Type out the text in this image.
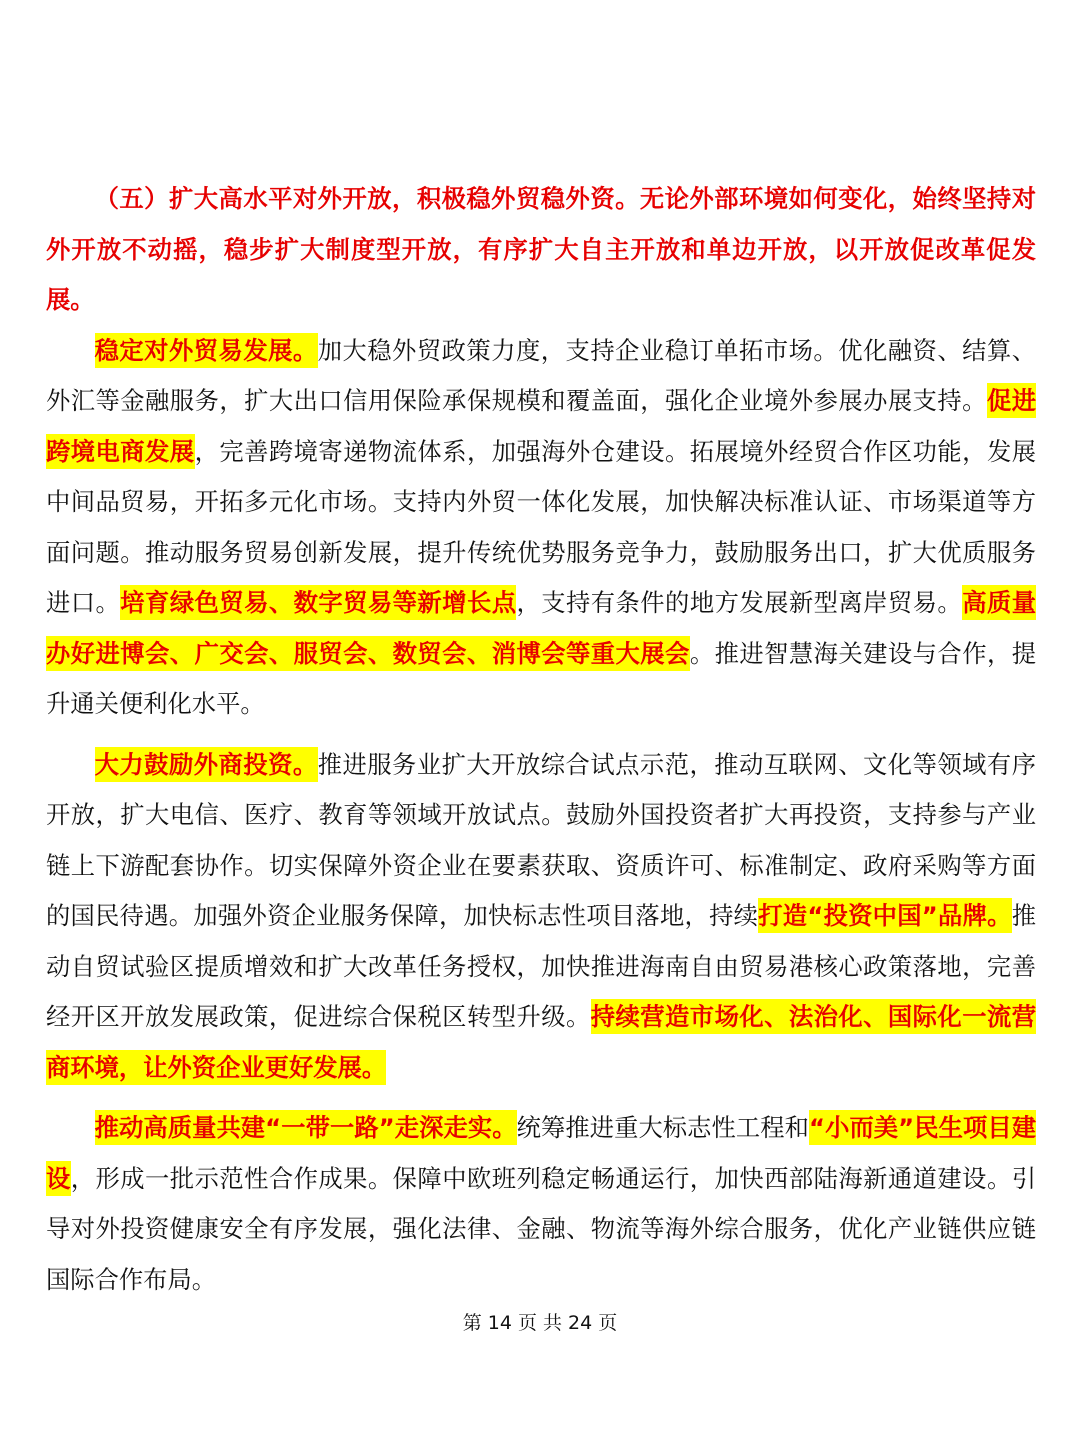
（五）扩大高水平对外开放，积极稳外贸稳外资。无论外部环境如何变化，始终坚持对外开放不动摇，稳步扩大制度型开放，有序扩大自主开放和单边开放，以开放促改革促发展。

稳定对外贸易发展。加大稳外贸政策力度，支持企业稳订单拓市场。优化融资、结算、外汇等金融服务，扩大出口信用保险承保规模和覆盖面，强化企业境外参展办展支持。促进跨境电商发展，完善跨境寄递物流体系，加强海外仓建设。拓展境外经贸合作区功能，发展中间品贸易，开拓多元化市场。支持内外贸一体化发展，加快解决标准认证、市场渠道等方面问题。推动服务贸易创新发展，提升传统优势服务竞争力，鼓励服务出口，扩大优质服务进口。培育绿色贸易、数字贸易等新增长点，支持有条件的地方发展新型离岸贸易。高质量办好进博会、广交会、服贸会、数贸会、消博会等重大展会。推进智慧海关建设与合作，提升通关便利化水平。

大力鼓励外商投资。推进服务业扩大开放综合试点示范，推动互联网、文化等领域有序开放，扩大电信、医疗、教育等领域开放试点。鼓励外国投资者扩大再投资，支持参与产业链上下游配套协作。切实保障外资企业在要素获取、资质许可、标准制定、政府采购等方面的国民待遇。加强外资企业服务保障，加快标志性项目落地，持续打造“投资中国”品牌。推动自贸试验区提质增效和扩大改革任务授权，加快推进海南自由贸易港核心政策落地，完善经开区开放发展政策，促进综合保税区转型升级。持续营造市场化、法治化、国际化一流营商环境，让外资企业更好发展。

推动高质量共建“一带一路”走深走实。统筹推进重大标志性工程和“小而美”民生项目建设，形成一批示范性合作成果。保障中欧班列稳定畅通运行，加快西部陆海新通道建设。引导对外投资健康安全有序发展，强化法律、金融、物流等海外综合服务，优化产业链供应链国际合作布局。

第 14 页 共 24 页
